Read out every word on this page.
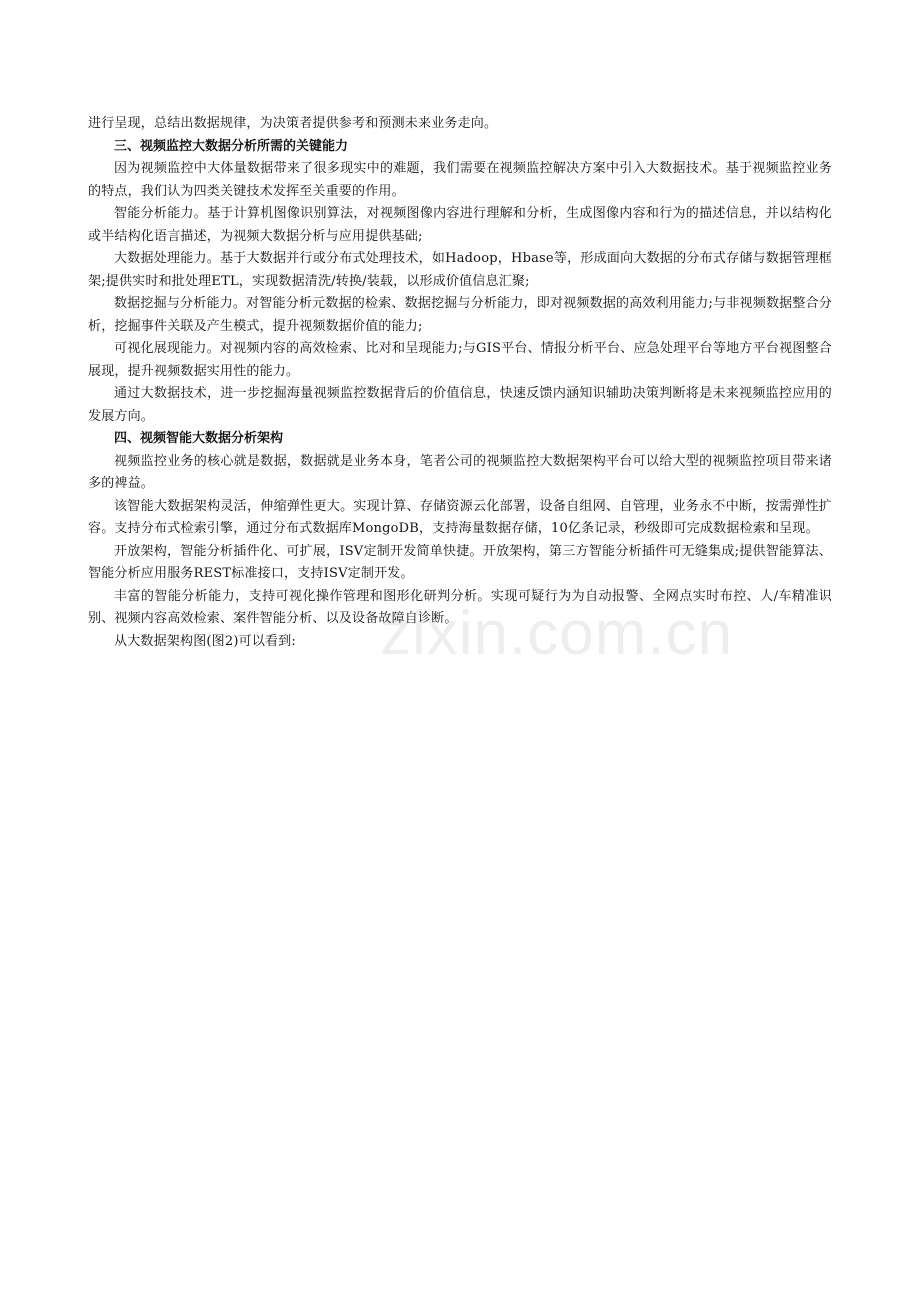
进行呈现，总结出数据规律，为决策者提供参考和预测未来业务走向。

三、视频监控大数据分析所需的关键能力

因为视频监控中大体量数据带来了很多现实中的难题，我们需要在视频监控解决方案中引入大数据技术。基于视频监控业务的特点，我们认为四类关键技术发挥至关重要的作用。

智能分析能力。基于计算机图像识别算法，对视频图像内容进行理解和分析，生成图像内容和行为的描述信息，并以结构化或半结构化语言描述，为视频大数据分析与应用提供基础;

大数据处理能力。基于大数据并行或分布式处理技术，如Hadoop，Hbase等，形成面向大数据的分布式存储与数据管理框架;提供实时和批处理ETL，实现数据清洗/转换/装载，以形成价值信息汇聚;

数据挖掘与分析能力。对智能分析元数据的检索、数据挖掘与分析能力，即对视频数据的高效利用能力;与非视频数据整合分析，挖掘事件关联及产生模式，提升视频数据价值的能力;

可视化展现能力。对视频内容的高效检索、比对和呈现能力;与GIS平台、情报分析平台、应急处理平台等地方平台视图整合展现，提升视频数据实用性的能力。

通过大数据技术，进一步挖掘海量视频监控数据背后的价值信息，快速反馈内涵知识辅助决策判断将是未来视频监控应用的发展方向。

四、视频智能大数据分析架构

视频监控业务的核心就是数据，数据就是业务本身，笔者公司的视频监控大数据架构平台可以给大型的视频监控项目带来诸多的裨益。

该智能大数据架构灵活，伸缩弹性更大。实现计算、存储资源云化部署，设备自组网、自管理，业务永不中断，按需弹性扩容。支持分布式检索引擎，通过分布式数据库MongoDB，支持海量数据存储，10亿条记录，秒级即可完成数据检索和呈现。

开放架构，智能分析插件化、可扩展，ISV定制开发简单快捷。开放架构，第三方智能分析插件可无缝集成;提供智能算法、智能分析应用服务REST标准接口，支持ISV定制开发。

丰富的智能分析能力，支持可视化操作管理和图形化研判分析。实现可疑行为为自动报警、全网点实时布控、人/车精准识别、视频内容高效检索、案件智能分析、以及设备故障自诊断。

从大数据架构图(图2)可以看到:	zixin.com.cn
